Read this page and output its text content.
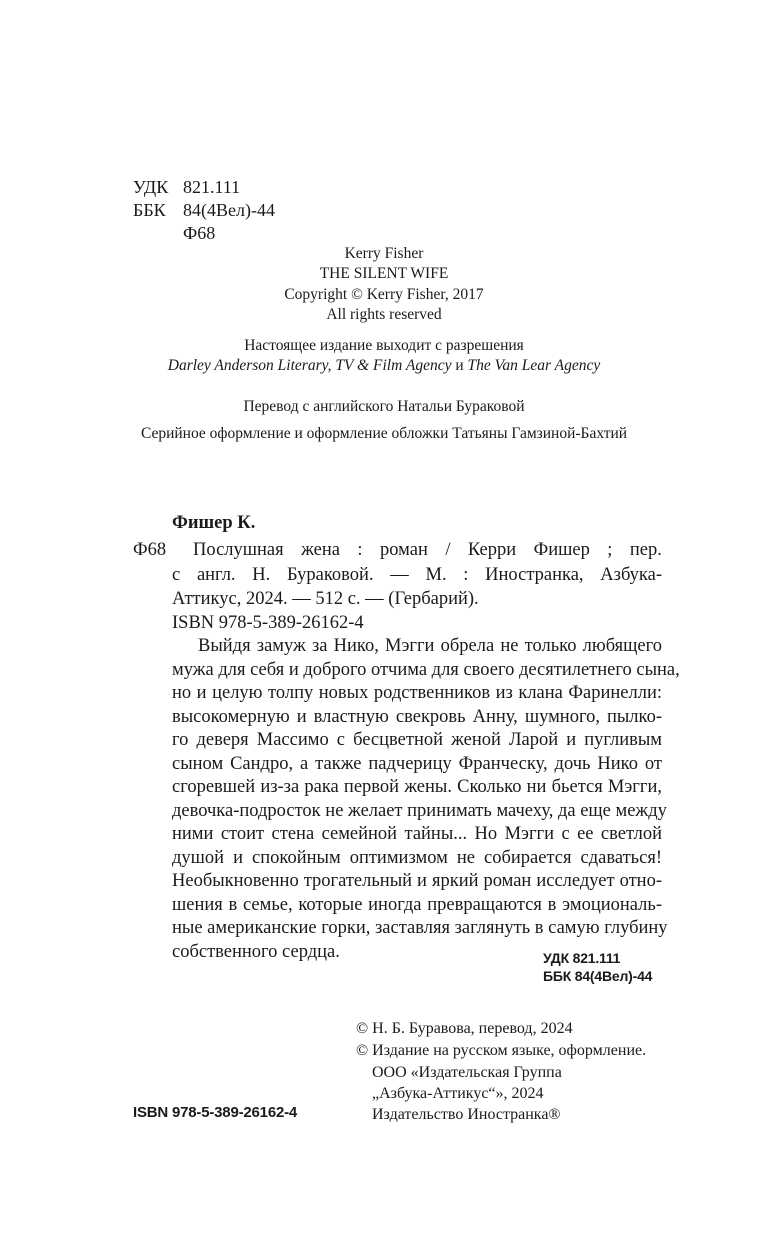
УДК 821.111
ББК 84(4Вел)-44
Ф68
Kerry Fisher
THE SILENT WIFE
Copyright © Kerry Fisher, 2017
All rights reserved
Настоящее издание выходит с разрешения
Darley Anderson Literary, TV & Film Agency и The Van Lear Agency
Перевод с английского Натальи Бураковой
Серийное оформление и оформление обложки Татьяны Гамзиной-Бахтий
Фишер К.
Ф68 Послушная жена : роман / Керри Фишер ; пер.
с англ. Н. Бураковой. — М. : Иностранка, Азбука-
Аттикус, 2024. — 512 с. — (Гербарий).
ISBN 978-5-389-26162-4
Выйдя замуж за Нико, Мэгги обрела не только любящего
мужа для себя и доброго отчима для своего десятилетнего сына,
но и целую толпу новых родственников из клана Фаринелли:
высокомерную и властную свекровь Анну, шумного, пылко-
го деверя Массимо с бесцветной женой Ларой и пугливым
сыном Сандро, а также падчерицу Франческу, дочь Нико от
сгоревшей из-за рака первой жены. Сколько ни бьется Мэгги,
девочка-подросток не желает принимать мачеху, да еще между
ними стоит стена семейной тайны... Но Мэгги с ее светлой
душой и спокойным оптимизмом не собирается сдаваться!
Необыкновенно трогательный и яркий роман исследует отно-
шения в семье, которые иногда превращаются в эмоциональ-
ные американские горки, заставляя заглянуть в самую глубину
собственного сердца.	УДК 821.111
ББК 84(4Вел)-44
© Н. Б. Буравова, перевод, 2024
© Издание на русском языке, оформление.
ООО «Издательская Группа
„Азбука-Аттикус“», 2024
Издательство Иностранка®
ISBN 978-5-389-26162-4
